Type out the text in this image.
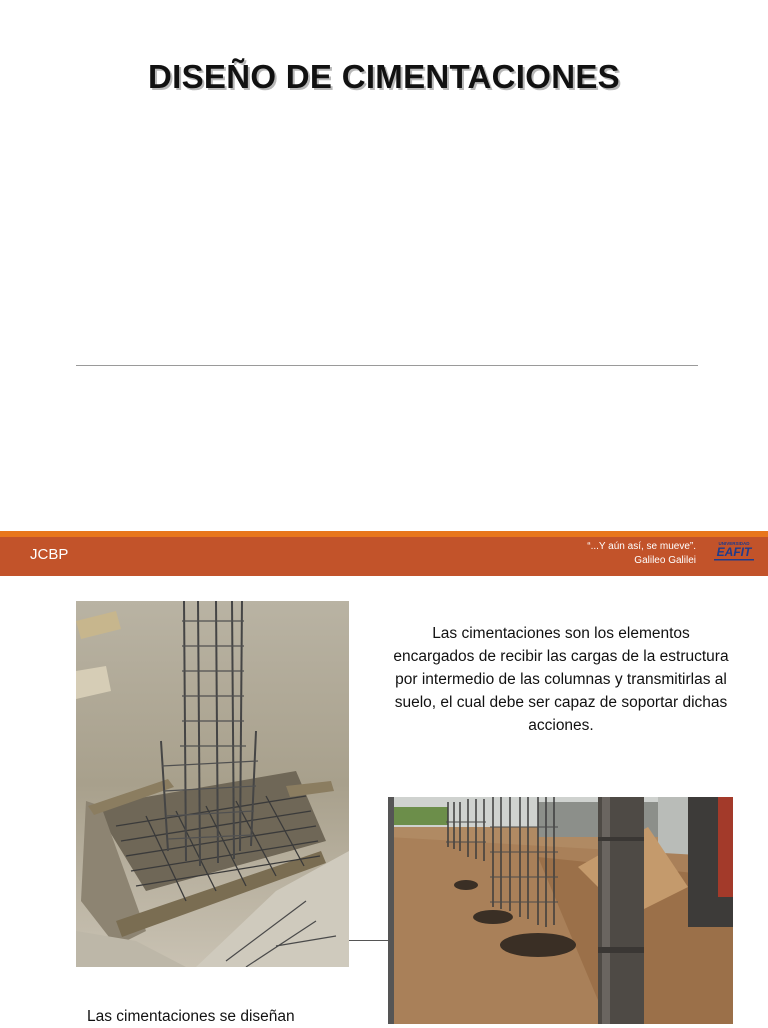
DISEÑO DE CIMENTACIONES
JCBP	“...Y aún así, se mueve”.
Galileo Galilei
UNIVERSIDAD
EAFIT
Las cimentaciones son los elementos encargados de recibir las cargas de la estructura por intermedio de las columnas y transmitirlas al suelo, el cual debe ser capaz de soportar dichas acciones.
Las cimentaciones se diseñan
